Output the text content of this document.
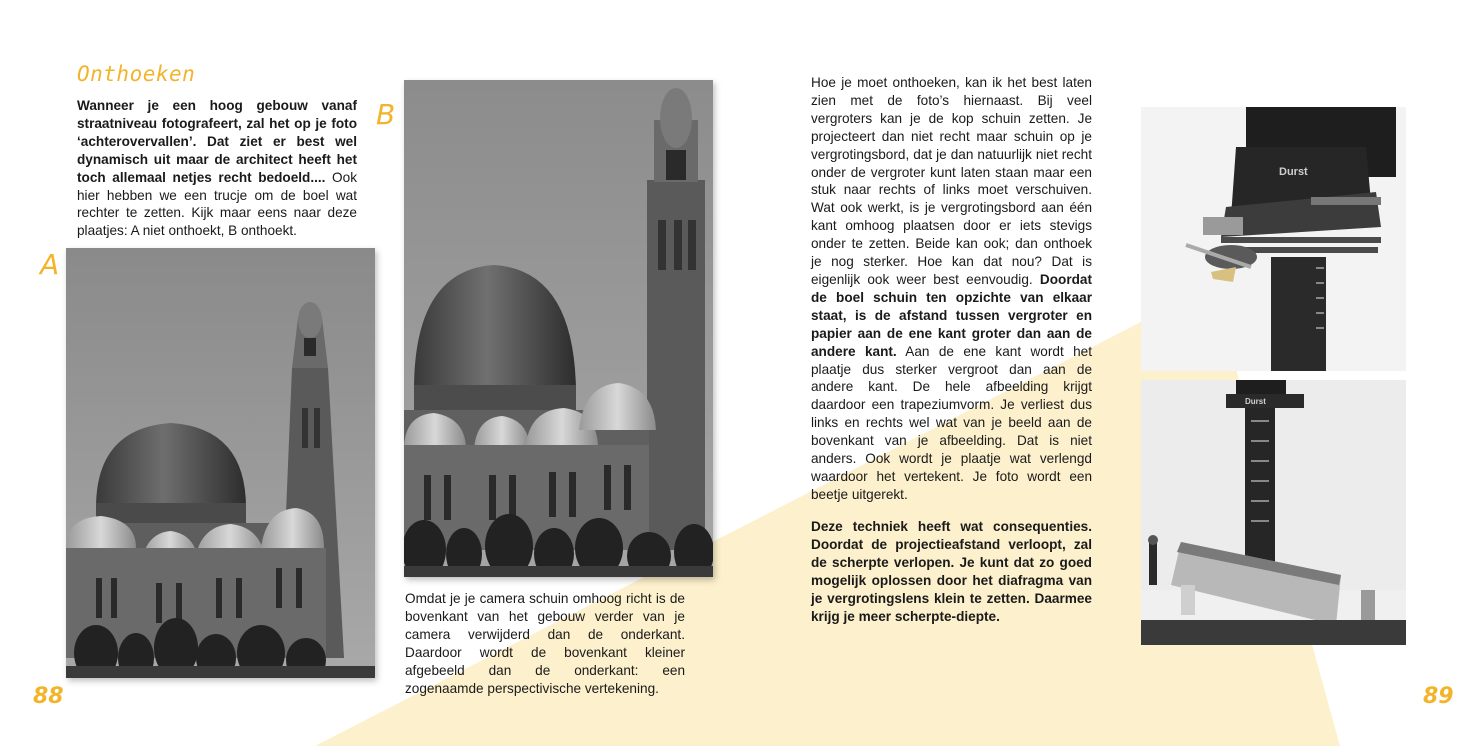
Onthoeken

Wanneer je een hoog gebouw vanaf straatniveau fotografeert, zal het op je foto ‘achterovervallen’. Dat ziet er best wel dynamisch uit maar de architect heeft het toch allemaal netjes recht bedoeld.... Ook hier hebben we een trucje om de boel wat rechter te zetten. Kijk maar eens naar deze plaatjes: A niet onthoekt, B onthoekt.

A
B

Omdat je je camera schuin omhoog richt is de bovenkant van het gebouw verder van je camera verwijderd dan de onderkant. Daardoor wordt de bovenkant kleiner afgebeeld dan de onderkant: een zogenaamde perspectivische vertekening.

Hoe je moet onthoeken, kan ik het best laten zien met de foto’s hiernaast. Bij veel vergroters kan je de kop schuin zetten. Je projecteert dan niet recht maar schuin op je vergrotingsbord, dat je dan natuurlijk niet recht onder de vergroter kunt laten staan maar een stuk naar rechts of links moet verschuiven. Wat ook werkt, is je vergrotingsbord aan één kant omhoog plaatsen door er iets stevigs onder te zetten. Beide kan ook; dan onthoek je nog sterker. Hoe kan dat nou? Dat is eigenlijk ook weer best eenvoudig. Doordat de boel schuin ten opzichte van elkaar staat, is de afstand tussen vergroter en papier aan de ene kant groter dan aan de andere kant. Aan de ene kant wordt het plaatje dus sterker vergroot dan aan de andere kant. De hele afbeelding krijgt daardoor een trapeziumvorm. Je verliest dus links en rechts wel wat van je beeld aan de bovenkant van je afbeelding. Dat is niet anders. Ook wordt je plaatje wat verlengd waardoor het vertekent. Je foto wordt een beetje uitgerekt.

Deze techniek heeft wat consequenties. Doordat de projectieafstand verloopt, zal de scherpte verlopen. Je kunt dat zo goed mogelijk oplossen door het diafragma van je vergrotingslens klein te zetten. Daarmee krijg je meer scherpte-diepte.

Durst
Durst
88	89
